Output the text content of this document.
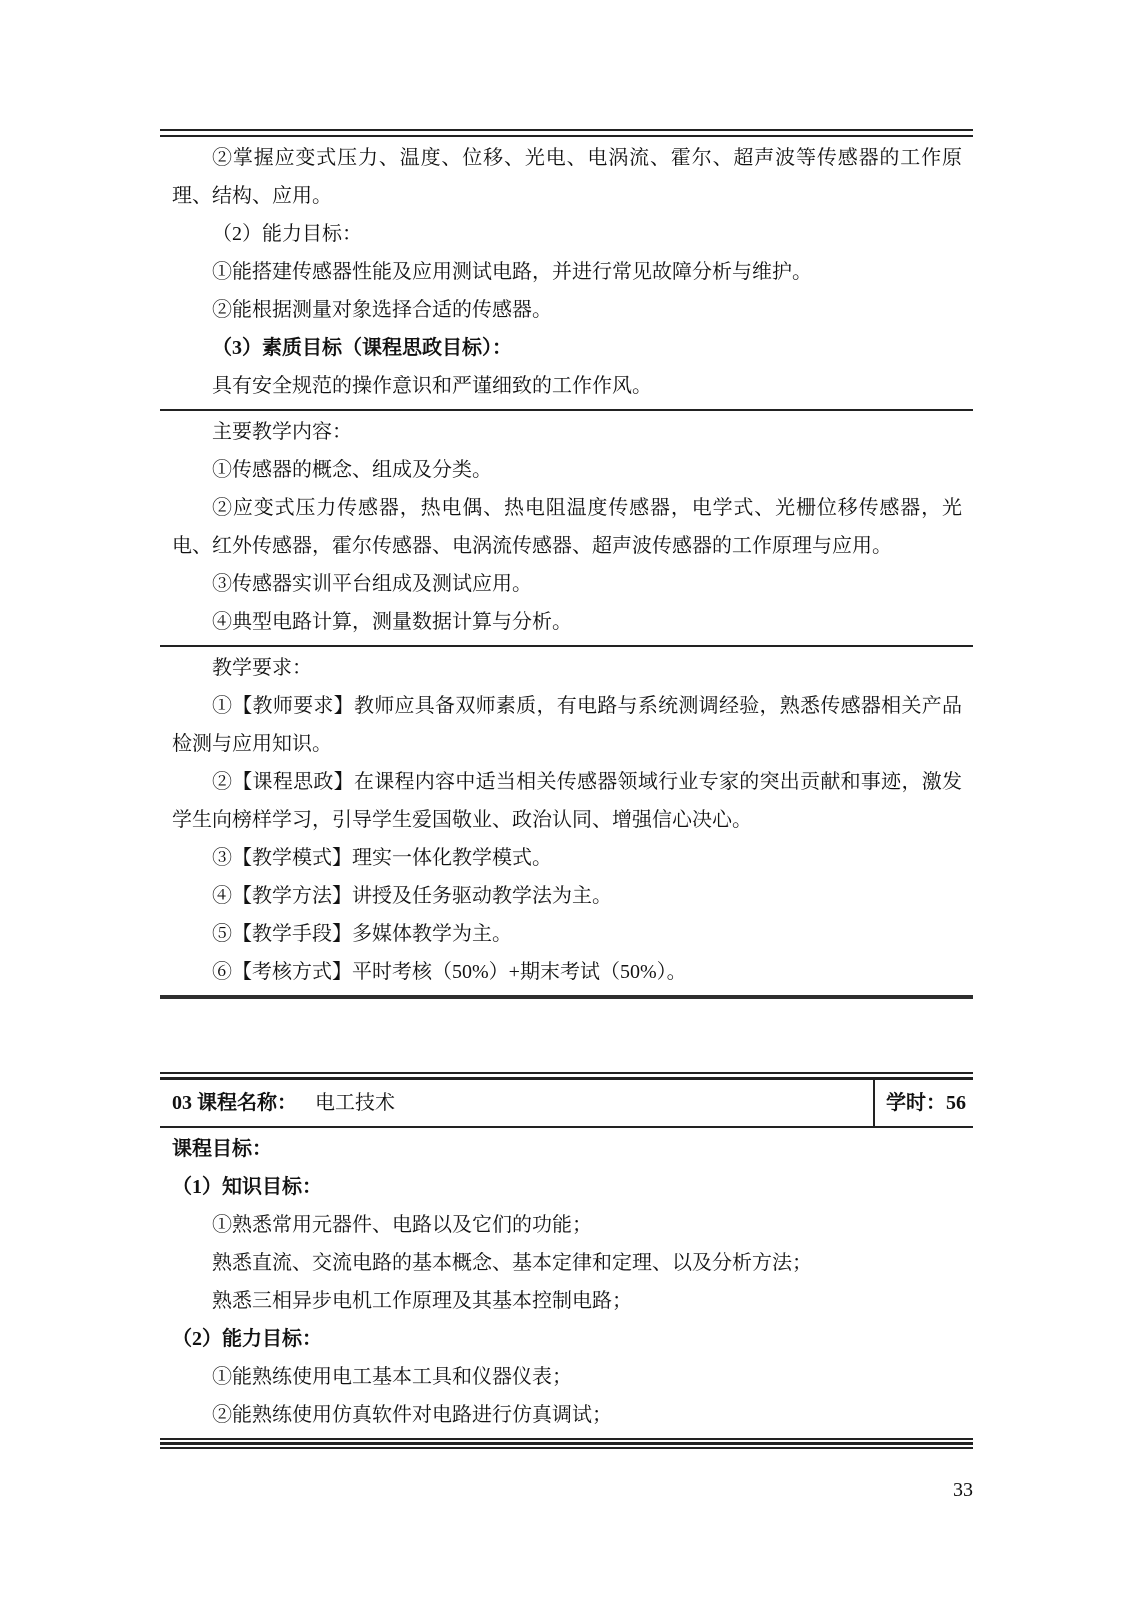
②掌握应变式压力、温度、位移、光电、电涡流、霍尔、超声波等传感器的工作原理、结构、应用。

（2）能力目标：

①能搭建传感器性能及应用测试电路，并进行常见故障分析与维护。

②能根据测量对象选择合适的传感器。

（3）素质目标（课程思政目标）：

具有安全规范的操作意识和严谨细致的工作作风。

主要教学内容：

①传感器的概念、组成及分类。

②应变式压力传感器，热电偶、热电阻温度传感器，电学式、光栅位移传感器，光电、红外传感器，霍尔传感器、电涡流传感器、超声波传感器的工作原理与应用。

③传感器实训平台组成及测试应用。

④典型电路计算，测量数据计算与分析。

教学要求：

①【教师要求】教师应具备双师素质，有电路与系统测调经验，熟悉传感器相关产品检测与应用知识。

②【课程思政】在课程内容中适当相关传感器领域行业专家的突出贡献和事迹，激发学生向榜样学习，引导学生爱国敬业、政治认同、增强信心决心。

③【教学模式】理实一体化教学模式。

④【教学方法】讲授及任务驱动教学法为主。

⑤【教学手段】多媒体教学为主。

⑥【考核方式】平时考核（50%）+期末考试（50%）。

03 课程名称： 电工技术	学时：56

课程目标：

（1）知识目标：

①熟悉常用元器件、电路以及它们的功能；

熟悉直流、交流电路的基本概念、基本定律和定理、以及分析方法；

熟悉三相异步电机工作原理及其基本控制电路；

（2）能力目标：

①能熟练使用电工基本工具和仪器仪表；

②能熟练使用仿真软件对电路进行仿真调试；

33
